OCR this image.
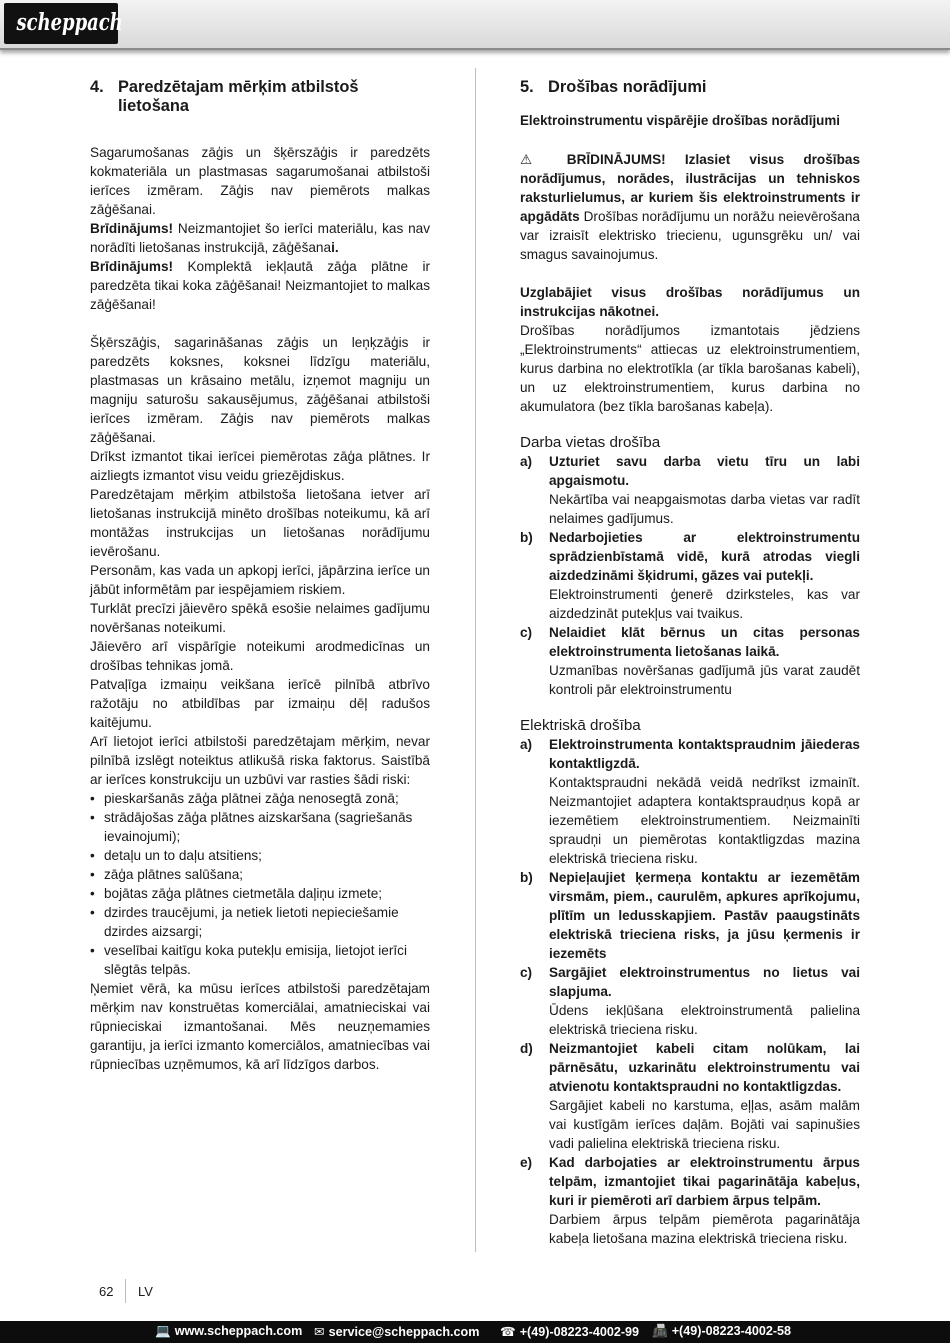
scheppach
4. Paredzētajam mērķim atbilstoš lietošana

Sagarumošanas zāģis un šķērszāģis ir paredzēts kokmateriāla un plastmasas sagarumošanai atbilstoši ierīces izmēram. Zāģis nav piemērots malkas zāģēšanai.

Brīdinājums! Neizmantojiet šo ierīci materiālu, kas nav norādīti lietošanas instrukcijā, zāģēšanai.

Brīdinājums! Komplektā iekļautā zāģa plātne ir paredzēta tikai koka zāģēšanai! Neizmantojiet to malkas zāģēšanai!

Šķērszāģis, sagarināšanas zāģis un leņķzāģis ir paredzēts koksnes, koksnei līdzīgu materiālu, plastmasas un krāsaino metālu, izņemot magniju un magniju saturošu sakausējumus, zāģēšanai atbilstoši ierīces izmēram. Zāģis nav piemērots malkas zāģēšanai.

Drīkst izmantot tikai ierīcei piemērotas zāģa plātnes. Ir aizliegts izmantot visu veidu griezējdiskus.

Paredzētajam mērķim atbilstoša lietošana ietver arī lietošanas instrukcijā minēto drošības noteikumu, kā arī montāžas instrukcijas un lietošanas norādījumu ievērošanu.

Personām, kas vada un apkopj ierīci, jāpārzina ierīce un jābūt informētām par iespējamiem riskiem.

Turklāt precīzi jāievēro spēkā esošie nelaimes gadījumu novēršanas noteikumi.

Jāievēro arī vispārīgie noteikumi arodmedicīnas un drošības tehnikas jomā.

Patvaļīga izmaiņu veikšana ierīcē pilnībā atbrīvo ražotāju no atbildības par izmaiņu dēļ radušos kaitējumu.

Arī lietojot ierīci atbilstoši paredzētajam mērķim, nevar pilnībā izslēgt noteiktus atlikušā riska faktorus. Saistībā ar ierīces konstrukciju un uzbūvi var rasties šādi riski:

• pieskaršanās zāģa plātnei zāģa nenosegtā zonā;
• strādājošas zāģa plātnes aizskaršana (sagriešanās ievainojumi);
• detaļu un to daļu atsitiens;
• zāģa plātnes salūšana;
• bojātas zāģa plātnes cietmetāla daļiņu izmete;
• dzirdes traucējumi, ja netiek lietoti nepieciešamie dzirdes aizsargi;
• veselībai kaitīgu koka putekļu emisija, lietojot ierīci slēgtās telpās.

Ņemiet vērā, ka mūsu ierīces atbilstoši paredzētajam mērķim nav konstruētas komerciālai, amatnieciskai vai rūpnieciskai izmantošanai. Mēs neuzņemamies garantiju, ja ierīci izmanto komerciālos, amatniecības vai rūpniecības uzņēmumos, kā arī līdzīgos darbos.

5. Drošības norādījumi

Elektroinstrumentu vispārējie drošības norādījumi

⚠ BRĪDINĀJUMS! Izlasiet visus drošības norādījumus, norādes, ilustrācijas un tehniskos raksturlielumus, ar kuriem šis elektroinstruments ir apgādāts Drošības norādījumu un norāžu neievērošana var izraisīt elektrisko triecienu, ugunsgrēku un/ vai smagus savainojumus.

Uzglabājiet visus drošības norādījumus un instrukcijas nākotnei.

Drošības norādījumos izmantotais jēdziens „Elektroinstruments“ attiecas uz elektroinstrumentiem, kurus darbina no elektrotīkla (ar tīkla barošanas kabeli), un uz elektroinstrumentiem, kurus darbina no akumulatora (bez tīkla barošanas kabeļa).

Darba vietas drošība
a) Uzturiet savu darba vietu tīru un labi apgaismotu.
Nekārtība vai neapgaismotas darba vietas var radīt nelaimes gadījumus.
b) Nedarbojieties ar elektroinstrumentu sprādzienbīstamā vidē, kurā atrodas viegli aizdedzināmi šķidrumi, gāzes vai putekļi.
Elektroinstrumenti ģenerē dzirksteles, kas var aizdedzināt putekļus vai tvaikus.
c) Nelaidiet klāt bērnus un citas personas elektroinstrumenta lietošanas laikā.
Uzmanības novēršanas gadījumā jūs varat zaudēt kontroli pār elektroinstrumentu
Elektriskā drošība
a) Elektroinstrumenta kontaktspraudnim jāiederas kontaktligzdā.
Kontaktspraudni nekādā veidā nedrīkst izmainīt. Neizmantojiet adaptera kontaktspraudņus kopā ar iezemētiem elektroinstrumentiem. Neizmainīti spraudņi un piemērotas kontaktligzdas mazina elektriskā trieciena risku.
b) Nepieļaujiet ķermeņa kontaktu ar iezemētām virsmām, piem., caurulēm, apkures aprīkojumu, plītīm un ledusskapjiem. Pastāv paaugstināts elektriskā trieciena risks, ja jūsu ķermenis ir iezemēts
c) Sargājiet elektroinstrumentus no lietus vai slapjuma.
Ūdens iekļūšana elektroinstrumentā palielina elektriskā trieciena risku.
d) Neizmantojiet kabeli citam nolūkam, lai pārnēsātu, uzkarinātu elektroinstrumentu vai atvienotu kontaktspraudni no kontaktligzdas.
Sargājiet kabeli no karstuma, eļļas, asām malām vai kustīgām ierīces daļām. Bojāti vai sapinušies vadi palielina elektriskā trieciena risku.
e) Kad darbojaties ar elektroinstrumentu ārpus telpām, izmantojiet tikai pagarinātāja kabeļus, kuri ir piemēroti arī darbiem ārpus telpām.
Darbiem ārpus telpām piemērota pagarinātāja kabeļa lietošana mazina elektriskā trieciena risku.
62 LV
💻 www.scheppach.com ✉ service@scheppach.com ☎ +(49)-08223-4002-99 📠 +(49)-08223-4002-58
